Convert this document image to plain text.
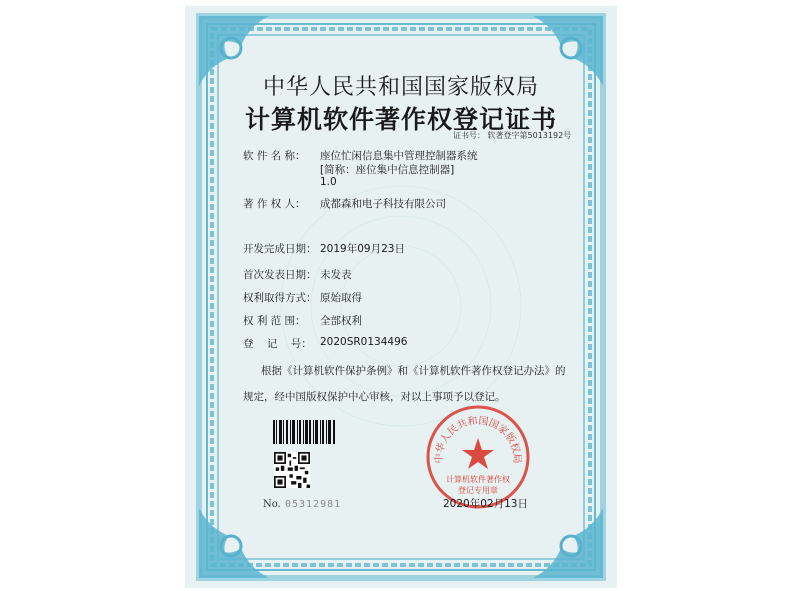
中华人民共和国国家版权局
计算机软件著作权登记证书
证书号： 软著登字第5013192号
软 件 名 称： 座位忙闲信息集中管理控制器系统
[简称：座位集中信息控制器]
1.0
著 作 权 人： 成都森和电子科技有限公司
开发完成日期： 2019年09月23日
首次发表日期： 未发表
权利取得方式： 原始取得
权 利 范 围： 全部权利
登    记    号： 2020SR0134496
根据《计算机软件保护条例》和《计算机软件著作权登记办法》的
规定，经中国版权保护中心审核，对以上事项予以登记。
No. 05312981
中华人民共和国国家版权局
计算机软件著作权
登记专用章
2020年02月13日
